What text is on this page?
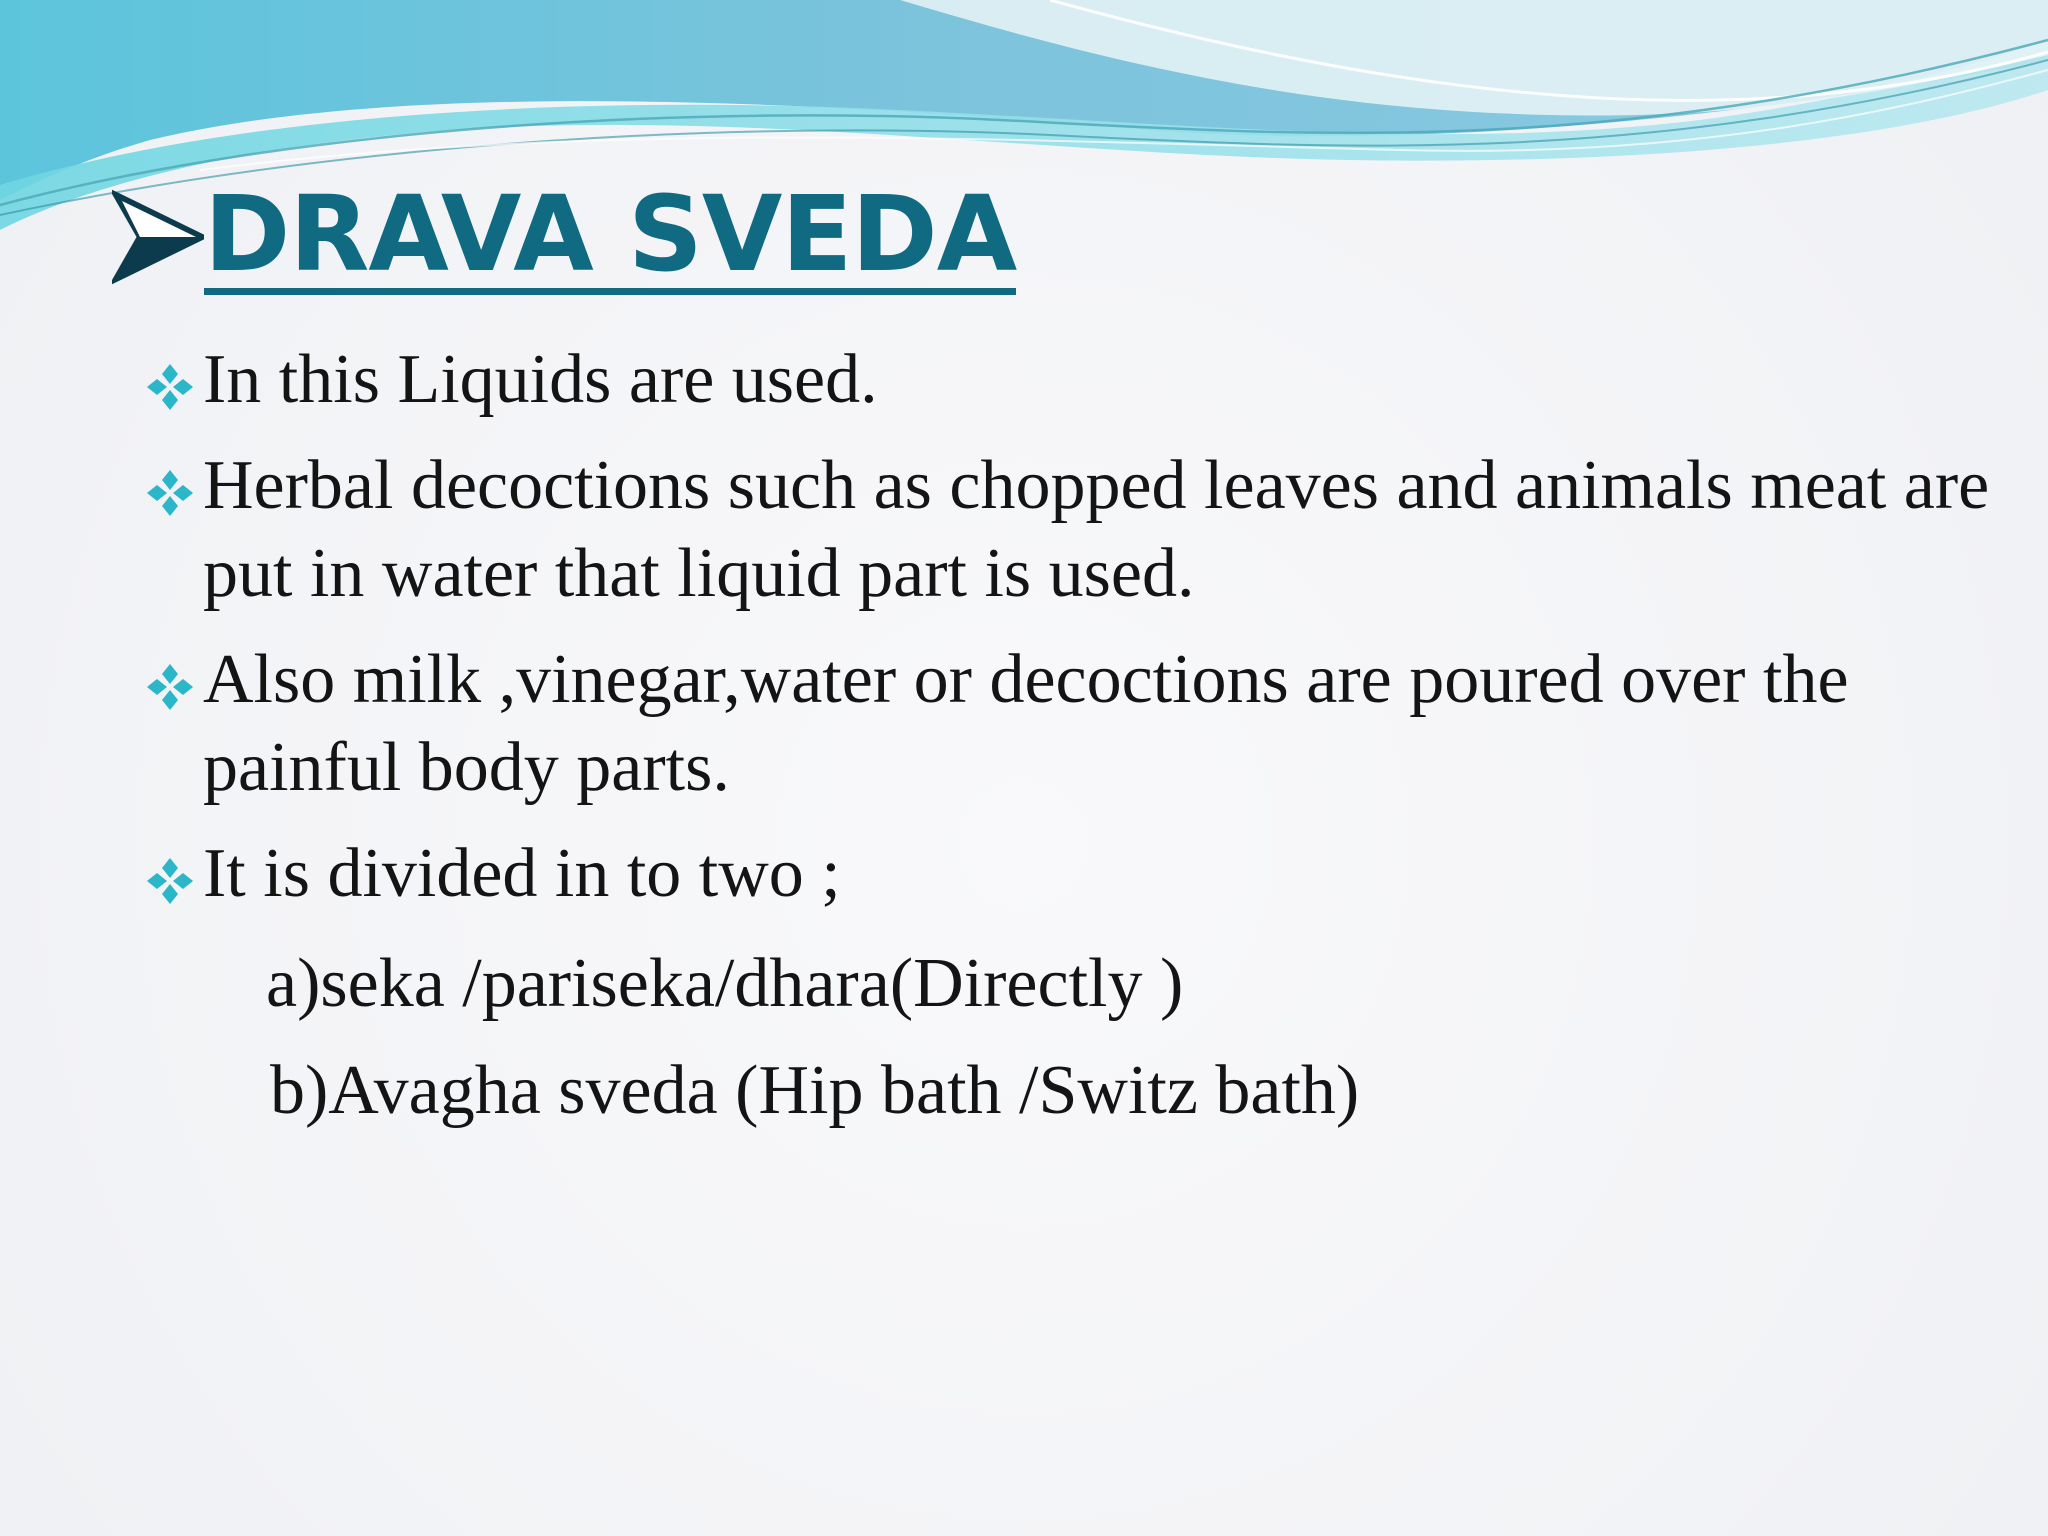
DRAVA SVEDA
In this Liquids are used.
Herbal decoctions such as chopped leaves and animals meat are put in water that liquid part is used.
Also milk ,vinegar,water or decoctions are poured over the painful body parts.
It is divided in to two ;
a)seka /pariseka/dhara(Directly )
b)Avagha sveda (Hip bath /Switz bath)
